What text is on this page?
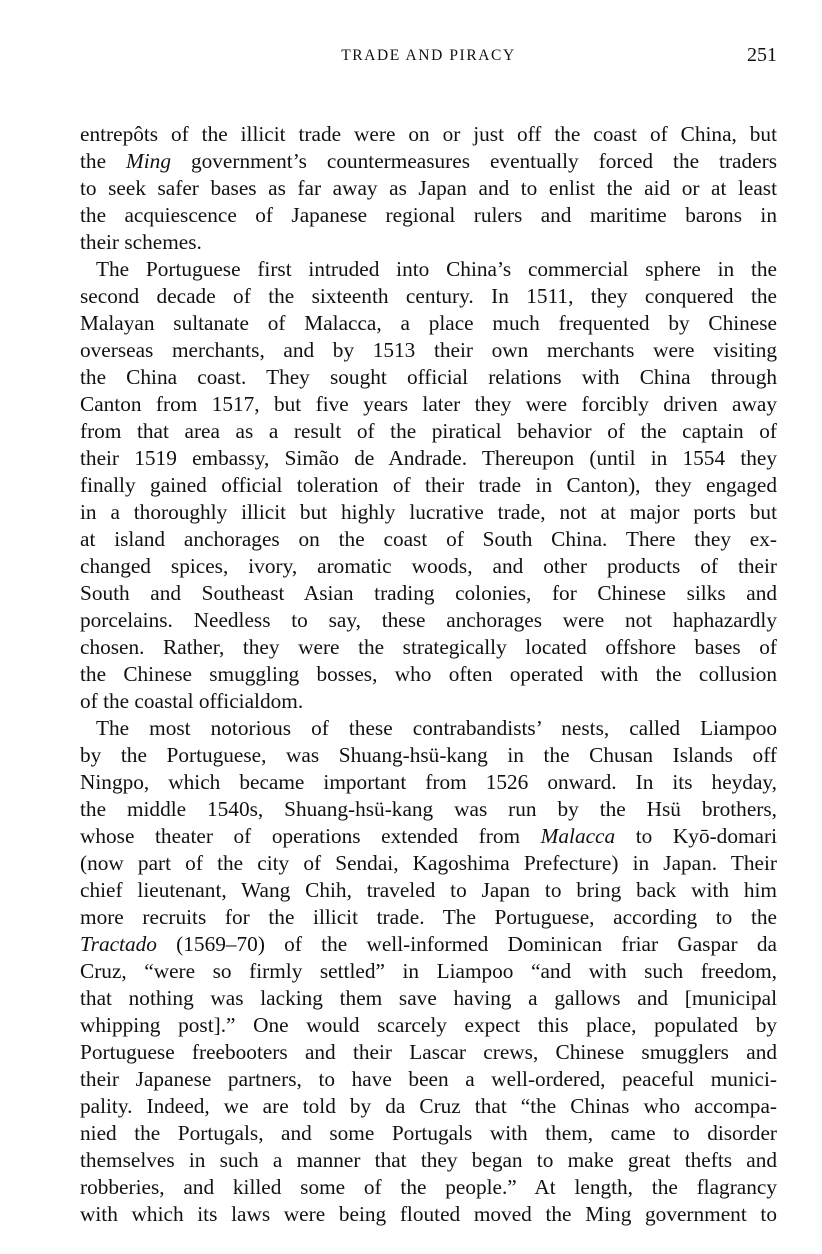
TRADE AND PIRACY	251
entrepôts of the illicit trade were on or just off the coast of China, but
the Ming government’s countermeasures eventually forced the traders
to seek safer bases as far away as Japan and to enlist the aid or at least
the acquiescence of Japanese regional rulers and maritime barons in
their schemes.
The Portuguese first intruded into China’s commercial sphere in the
second decade of the sixteenth century. In 1511, they conquered the
Malayan sultanate of Malacca, a place much frequented by Chinese
overseas merchants, and by 1513 their own merchants were visiting
the China coast. They sought official relations with China through
Canton from 1517, but five years later they were forcibly driven away
from that area as a result of the piratical behavior of the captain of
their 1519 embassy, Simão de Andrade. Thereupon (until in 1554 they
finally gained official toleration of their trade in Canton), they engaged
in a thoroughly illicit but highly lucrative trade, not at major ports but
at island anchorages on the coast of South China. There they ex-
changed spices, ivory, aromatic woods, and other products of their
South and Southeast Asian trading colonies, for Chinese silks and
porcelains. Needless to say, these anchorages were not haphazardly
chosen. Rather, they were the strategically located offshore bases of
the Chinese smuggling bosses, who often operated with the collusion
of the coastal officialdom.
The most notorious of these contrabandists’ nests, called Liampoo
by the Portuguese, was Shuang-hsü-kang in the Chusan Islands off
Ningpo, which became important from 1526 onward. In its heyday,
the middle 1540s, Shuang-hsü-kang was run by the Hsü brothers,
whose theater of operations extended from Malacca to Kyō-domari
(now part of the city of Sendai, Kagoshima Prefecture) in Japan. Their
chief lieutenant, Wang Chih, traveled to Japan to bring back with him
more recruits for the illicit trade. The Portuguese, according to the
Tractado (1569–70) of the well-informed Dominican friar Gaspar da
Cruz, “were so firmly settled” in Liampoo “and with such freedom,
that nothing was lacking them save having a gallows and [municipal
whipping post].” One would scarcely expect this place, populated by
Portuguese freebooters and their Lascar crews, Chinese smugglers and
their Japanese partners, to have been a well-ordered, peaceful munici-
pality. Indeed, we are told by da Cruz that “the Chinas who accompa-
nied the Portugals, and some Portugals with them, came to disorder
themselves in such a manner that they began to make great thefts and
robberies, and killed some of the people.” At length, the flagrancy
with which its laws were being flouted moved the Ming government to
